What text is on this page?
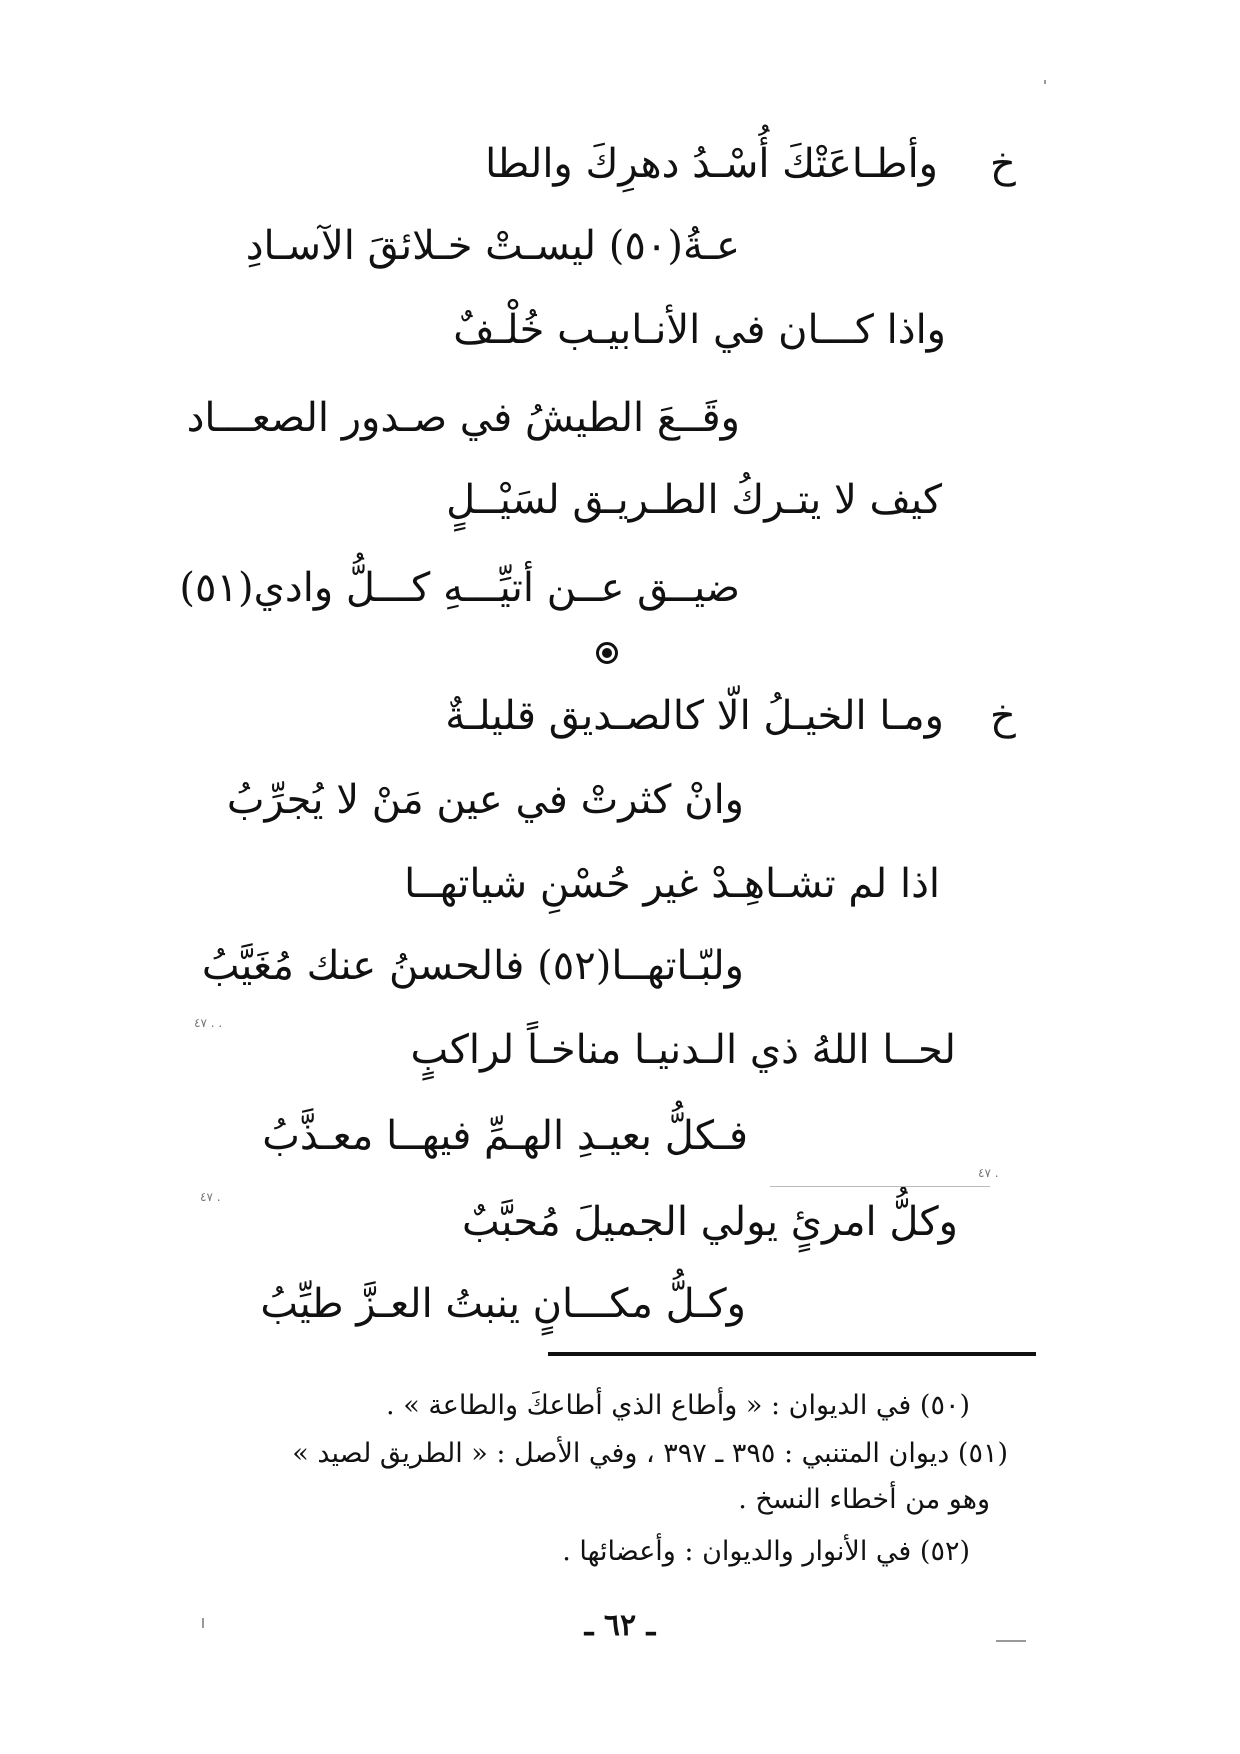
خ
وأطـاعَتْكَ أُسْـدُ دهرِكَ والطا
عـةُ(٥٠) ليسـتْ خـلائقَ الآسـادِ
واذا كـــان في الأنـابيـب خُلْـفٌ
وقَــعَ الطيشُ في صـدور الصعـــاد
كيف لا يتـركُ الطـريـق لسَيْــلٍ
ضيــق عــن أتيِّـــهِ كـــلُّ وادي(٥١)
خ
ومـا الخيـلُ الّا كالصـديق قليلـةٌ
وانْ كثرتْ في عين مَنْ لا يُجرِّبُ
اذا لم تشـاهِـدْ غير حُسْنِ شياتهــا
ولبّـاتهــا(٥٢) فالحسنُ عنك مُغَيَّبُ
لحــا اللهُ ذي الـدنيـا مناخـاً لراكبٍ
فـكلُّ بعيـدِ الهـمِّ فيهــا معـذَّبُ
وكلُّ امرئٍ يولي الجميلَ مُحبَّبٌ
وكـلُّ مكـــانٍ ينبتُ العـزَّ طيِّبُ
(٥٠) في الديوان : « وأطاع الذي أطاعكَ والطاعة » .
(٥١) ديوان المتنبي : ٣٩٥ ـ ٣٩٧ ، وفي الأصل : « الطريق لصيد »
وهو من أخطاء النسخ .
(٥٢) في الأنوار والديوان : وأعضائها .
ـ ٦٢ ـ
٤٧ . .
٤٧ .
٤٧ .
